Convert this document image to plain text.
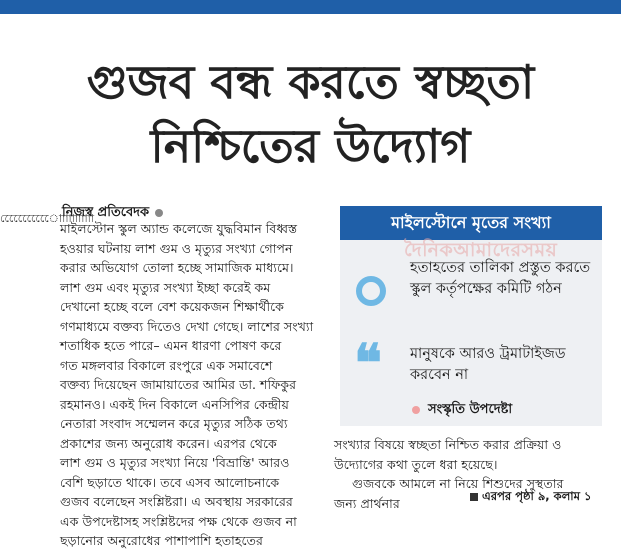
গুজব বন্ধ করতে স্বচ্ছতা
নিশ্চিতের উদ্যোগ
োোোোোোোোোোো
নিজস্ব প্রতিবেদক
মাইলস্টোন স্কুল অ্যান্ড কলেজে যুদ্ধবিমান বিধ্বস্ত
হওয়ার ঘটনায় লাশ গুম ও মৃত্যুর সংখ্যা গোপন
করার অভিযোগ তোলা হচ্ছে সামাজিক মাধ্যমে।
লাশ গুম এবং মৃত্যুর সংখ্যা ইচ্ছা করেই কম
দেখানো হচ্ছে বলে বেশ কয়েকজন শিক্ষার্থীকে
গণমাধ্যমে বক্তব্য দিতেও দেখা গেছে। লাশের সংখ্যা
শতাধিক হতে পারে– এমন ধারণা পোষণ করে
গত মঙ্গলবার বিকালে রংপুরে এক সমাবেশে
বক্তব্য দিয়েছেন জামায়াতের আমির ডা. শফিকুর
রহমানও। একই দিন বিকালে এনসিপির কেন্দ্রীয়
নেতারা সংবাদ সম্মেলন করে মৃত্যুর সঠিক তথ্য
প্রকাশের জন্য অনুরোধ করেন। এরপর থেকে
লাশ গুম ও মৃত্যুর সংখ্যা নিয়ে 'বিভ্রান্তি' আরও
বেশি ছড়াতে থাকে। তবে এসব আলোচনাকে
গুজব বলেছেন সংশ্লিষ্টরা। এ অবস্থায় সরকারের
এক উপদেষ্টাসহ সংশ্লিষ্টদের পক্ষ থেকে গুজব না
ছড়ানোর অনুরোধের পাশাপাশি হতাহতের
মাইলস্টোনে মৃতের সংখ্যা
দৈনিকআমাদেরসময়
হতাহতের তালিকা প্রস্তুত করতে স্কুল কর্তৃপক্ষের কমিটি গঠন
❝ মানুষকে আরও ট্রমাটাইজড করবেন না
সংস্কৃতি উপদেষ্টা
সংখ্যার বিষয়ে স্বচ্ছতা নিশ্চিত করার প্রক্রিয়া ও
উদ্যোগের কথা তুলে ধরা হয়েছে।
গুজবকে আমলে না নিয়ে শিশুদের সুস্থতার
জন্য প্রার্থনার	এরপর পৃষ্ঠা ৯, কলাম ১
